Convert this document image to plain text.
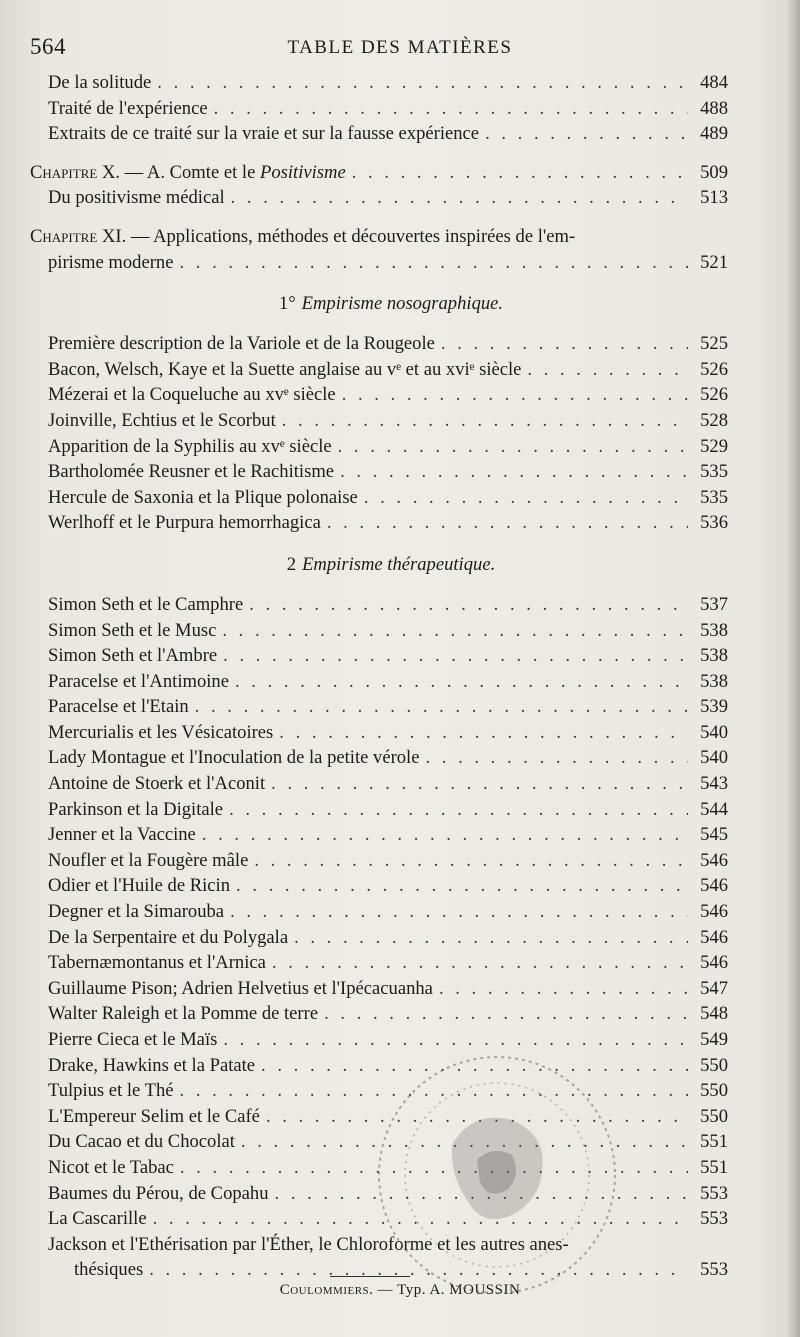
564	TABLE DES MATIÈRES
De la solitude . . .	484
Traité de l'expérience . . .	488
Extraits de ce traité sur la vraie et sur la fausse expérience . . .	489
Chapitre X. — A. Comte et le Positivisme . . .	509
Du positivisme médical . . .	513
Chapitre XI. — Applications, méthodes et découvertes inspirées de l'em-
pirisme moderne . . .	521
1° Empirisme nosographique.
Première description de la Variole et de la Rougeole . . .	525
Bacon, Welsch, Kaye et la Suette anglaise au vᵉ et au xviᵉ siècle . . .	526
Mézerai et la Coqueluche au xvᵉ siècle . . .	526
Joinville, Echtius et le Scorbut . . .	528
Apparition de la Syphilis au xvᵉ siècle . . .	529
Bartholomée Reusner et le Rachitisme . . .	535
Hercule de Saxonia et la Plique polonaise . . .	535
Werlhoff et le Purpura hemorrhagica . . .	536
2 Empirisme thérapeutique.
Simon Seth et le Camphre . . .	537
Simon Seth et le Musc . . .	538
Simon Seth et l'Ambre . . .	538
Paracelse et l'Antimoine . . .	538
Paracelse et l'Etain . . .	539
Mercurialis et les Vésicatoires . . .	540
Lady Montague et l'Inoculation de la petite vérole . . .	540
Antoine de Stoerk et l'Aconit . . .	543
Parkinson et la Digitale . . .	544
Jenner et la Vaccine . . .	545
Noufler et la Fougère mâle . . .	546
Odier et l'Huile de Ricin . . .	546
Degner et la Simarouba . . .	546
De la Serpentaire et du Polygala . . .	546
Tabernæmontanus et l'Arnica . . .	546
Guillaume Pison; Adrien Helvetius et l'Ipécacuanha . . .	547
Walter Raleigh et la Pomme de terre . . .	548
Pierre Cieca et le Maïs . . .	549
Drake, Hawkins et la Patate . . .	550
Tulpius et le Thé . . .	550
L'Empereur Selim et le Café . . .	550
Du Cacao et du Chocolat . . .	551
Nicot et le Tabac . . .	551
Baumes du Pérou, de Copahu . . .	553
La Cascarille . . .	553
Jackson et l'Ethérisation par l'Éther, le Chloroforme et les autres anes-
thésiques . . .	553
Coulommiers. — Typ. A. MOUSSIN
